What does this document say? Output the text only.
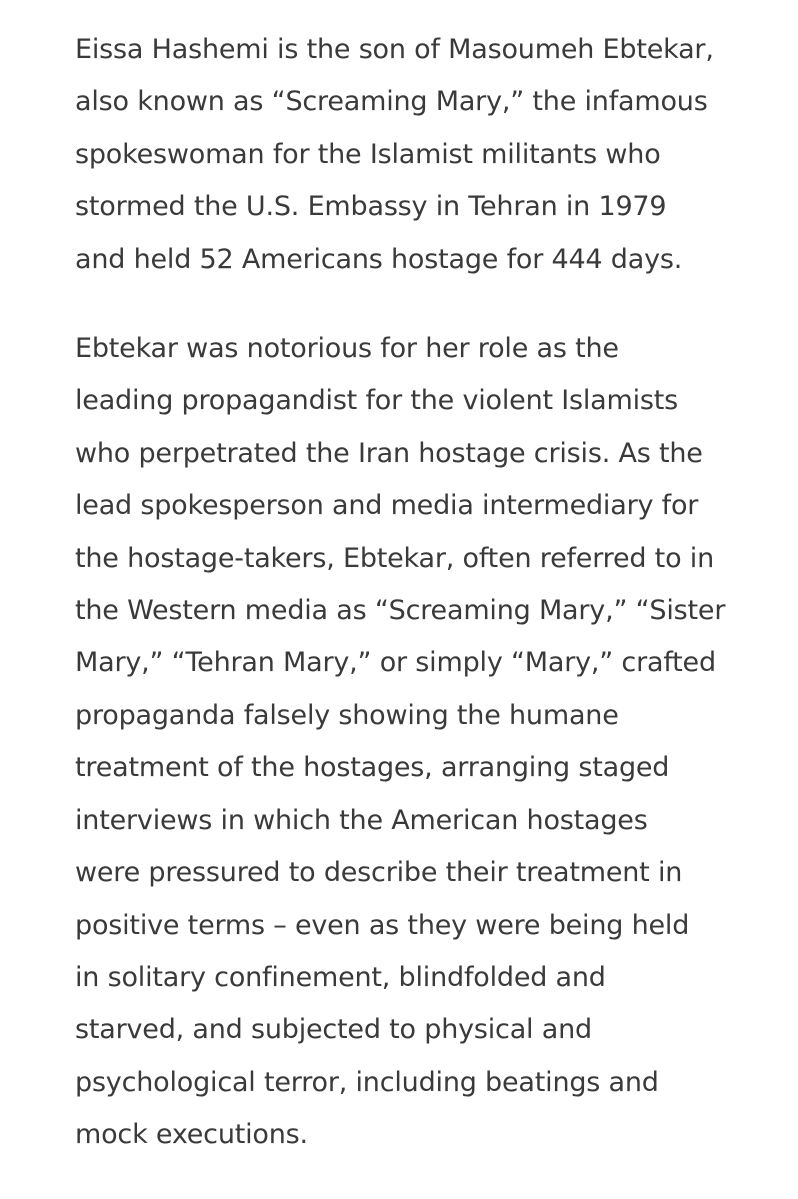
Eissa Hashemi is the son of Masoumeh Ebtekar,
also known as “Screaming Mary,” the infamous
spokeswoman for the Islamist militants who
stormed the U.S. Embassy in Tehran in 1979
and held 52 Americans hostage for 444 days.

Ebtekar was notorious for her role as the
leading propagandist for the violent Islamists
who perpetrated the Iran hostage crisis. As the
lead spokesperson and media intermediary for
the hostage-takers, Ebtekar, often referred to in
the Western media as “Screaming Mary,” “Sister
Mary,” “Tehran Mary,” or simply “Mary,” crafted
propaganda falsely showing the humane
treatment of the hostages, arranging staged
interviews in which the American hostages
were pressured to describe their treatment in
positive terms – even as they were being held
in solitary confinement, blindfolded and
starved, and subjected to physical and
psychological terror, including beatings and
mock executions.
